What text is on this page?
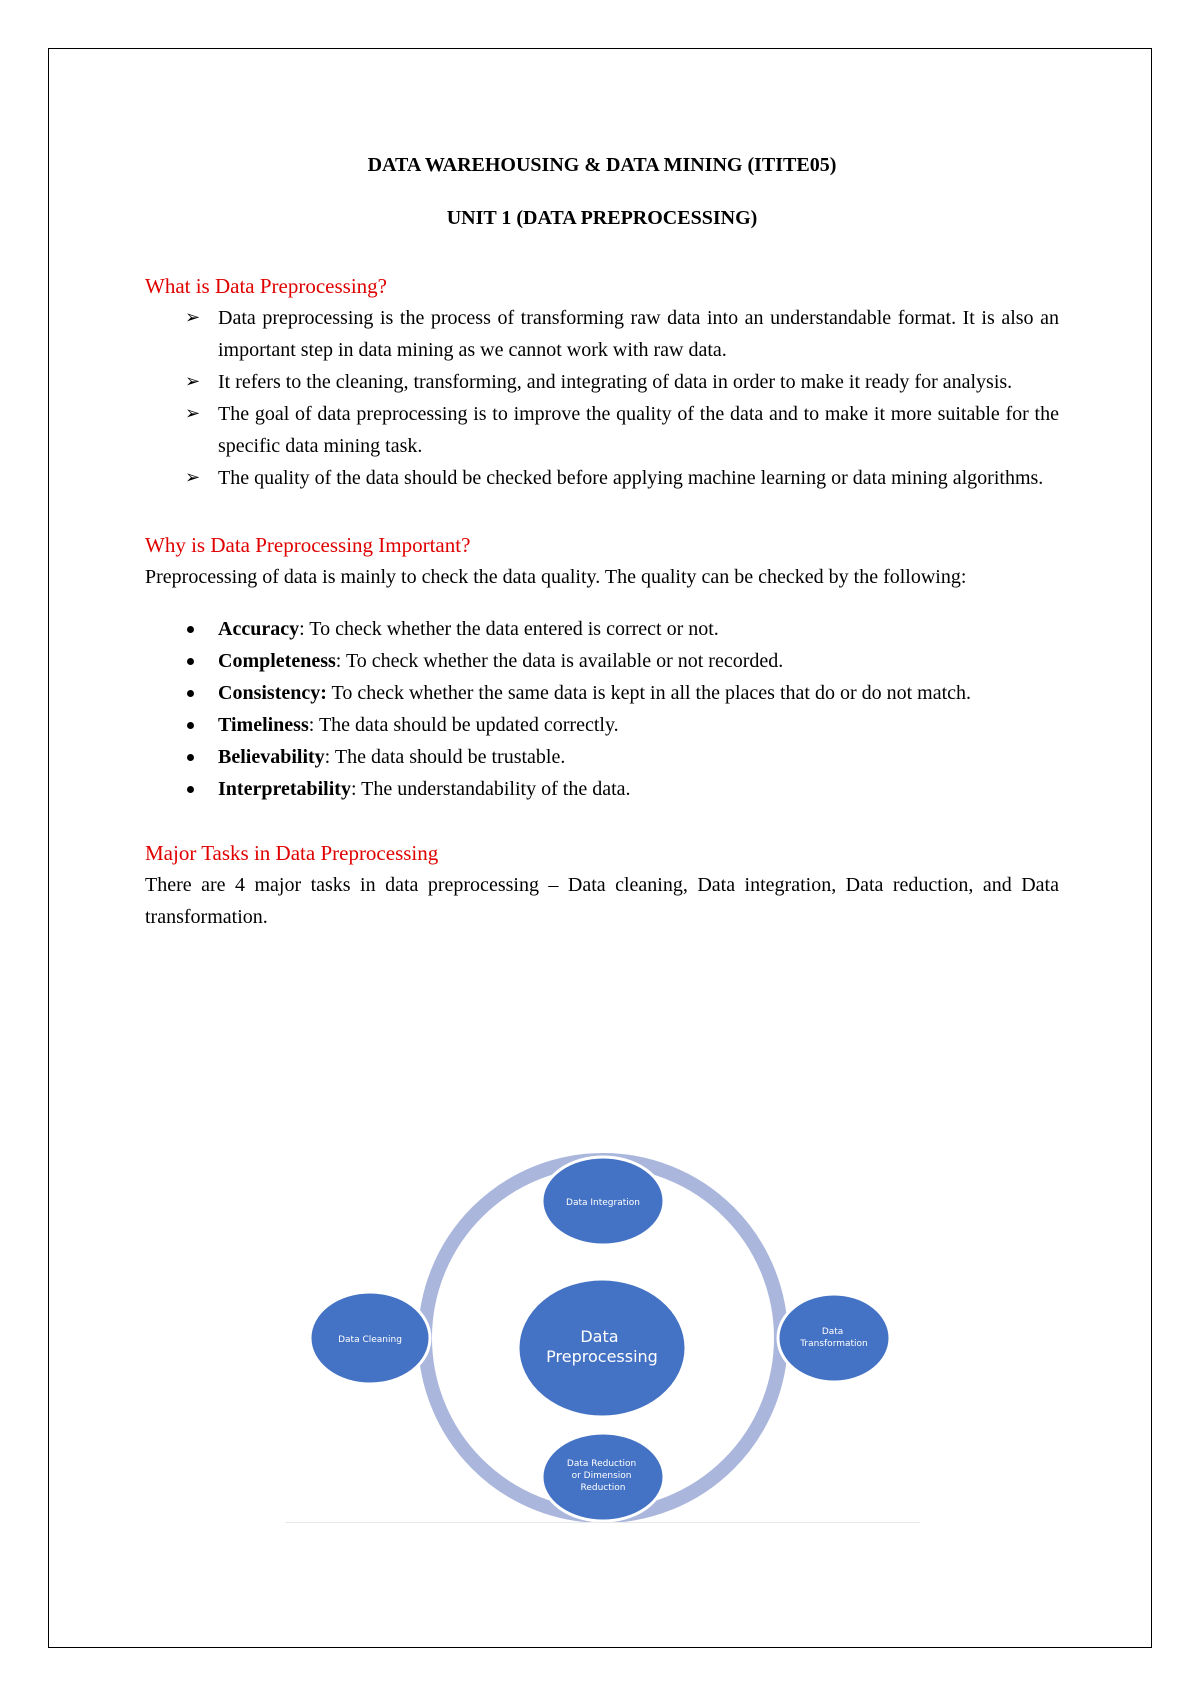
DATA WAREHOUSING & DATA MINING (ITITE05)

UNIT 1 (DATA PREPROCESSING)

What is Data Preprocessing?

➢ Data preprocessing is the process of transforming raw data into an understandable format. It is also an important step in data mining as we cannot work with raw data.
➢ It refers to the cleaning, transforming, and integrating of data in order to make it ready for analysis.
➢ The goal of data preprocessing is to improve the quality of the data and to make it more suitable for the specific data mining task.
➢ The quality of the data should be checked before applying machine learning or data mining algorithms.

Why is Data Preprocessing Important?

Preprocessing of data is mainly to check the data quality. The quality can be checked by the following:

Accuracy: To check whether the data entered is correct or not.
Completeness: To check whether the data is available or not recorded.
Consistency: To check whether the same data is kept in all the places that do or do not match.
Timeliness: The data should be updated correctly.
Believability: The data should be trustable.
Interpretability: The understandability of the data.

Major Tasks in Data Preprocessing

There are 4 major tasks in data preprocessing – Data cleaning, Data integration, Data reduction, and Data transformation.

Data Integration
Data Transformation
Data Reduction or Dimension Reduction
Data Cleaning	Data Preprocessing
